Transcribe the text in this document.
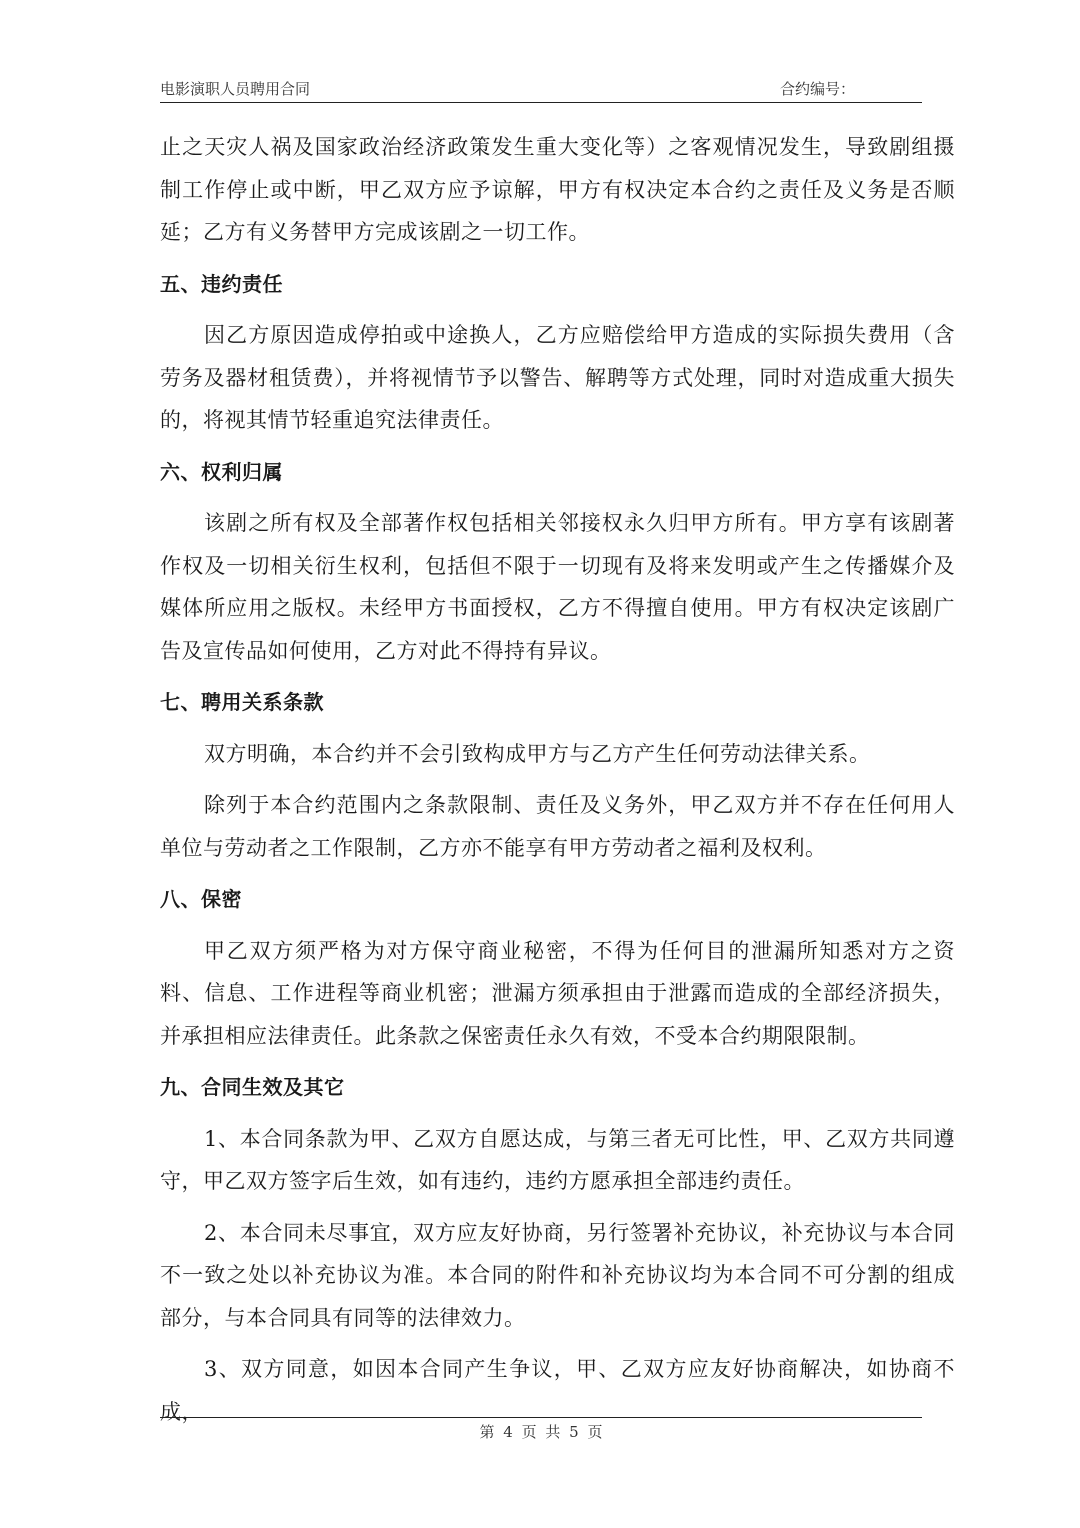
电影演职人员聘用合同	合约编号：

止之天灾人祸及国家政治经济政策发生重大变化等）之客观情况发生，导致剧组摄制工作停止或中断，甲乙双方应予谅解，甲方有权决定本合约之责任及义务是否顺延；乙方有义务替甲方完成该剧之一切工作。

五、违约责任

因乙方原因造成停拍或中途换人，乙方应赔偿给甲方造成的实际损失费用（含劳务及器材租赁费），并将视情节予以警告、解聘等方式处理，同时对造成重大损失的，将视其情节轻重追究法律责任。

六、权利归属

该剧之所有权及全部著作权包括相关邻接权永久归甲方所有。甲方享有该剧著作权及一切相关衍生权利，包括但不限于一切现有及将来发明或产生之传播媒介及媒体所应用之版权。未经甲方书面授权，乙方不得擅自使用。甲方有权决定该剧广告及宣传品如何使用，乙方对此不得持有异议。

七、聘用关系条款

双方明确，本合约并不会引致构成甲方与乙方产生任何劳动法律关系。

除列于本合约范围内之条款限制、责任及义务外，甲乙双方并不存在任何用人单位与劳动者之工作限制，乙方亦不能享有甲方劳动者之福利及权利。

八、保密

甲乙双方须严格为对方保守商业秘密，不得为任何目的泄漏所知悉对方之资料、信息、工作进程等商业机密；泄漏方须承担由于泄露而造成的全部经济损失，并承担相应法律责任。此条款之保密责任永久有效，不受本合约期限限制。

九、合同生效及其它

1、本合同条款为甲、乙双方自愿达成，与第三者无可比性，甲、乙双方共同遵守，甲乙双方签字后生效，如有违约，违约方愿承担全部违约责任。

2、本合同未尽事宜，双方应友好协商，另行签署补充协议，补充协议与本合同不一致之处以补充协议为准。本合同的附件和补充协议均为本合同不可分割的组成部分，与本合同具有同等的法律效力。

3、双方同意，如因本合同产生争议，甲、乙双方应友好协商解决，如协商不成，

第 4 页 共 5 页
